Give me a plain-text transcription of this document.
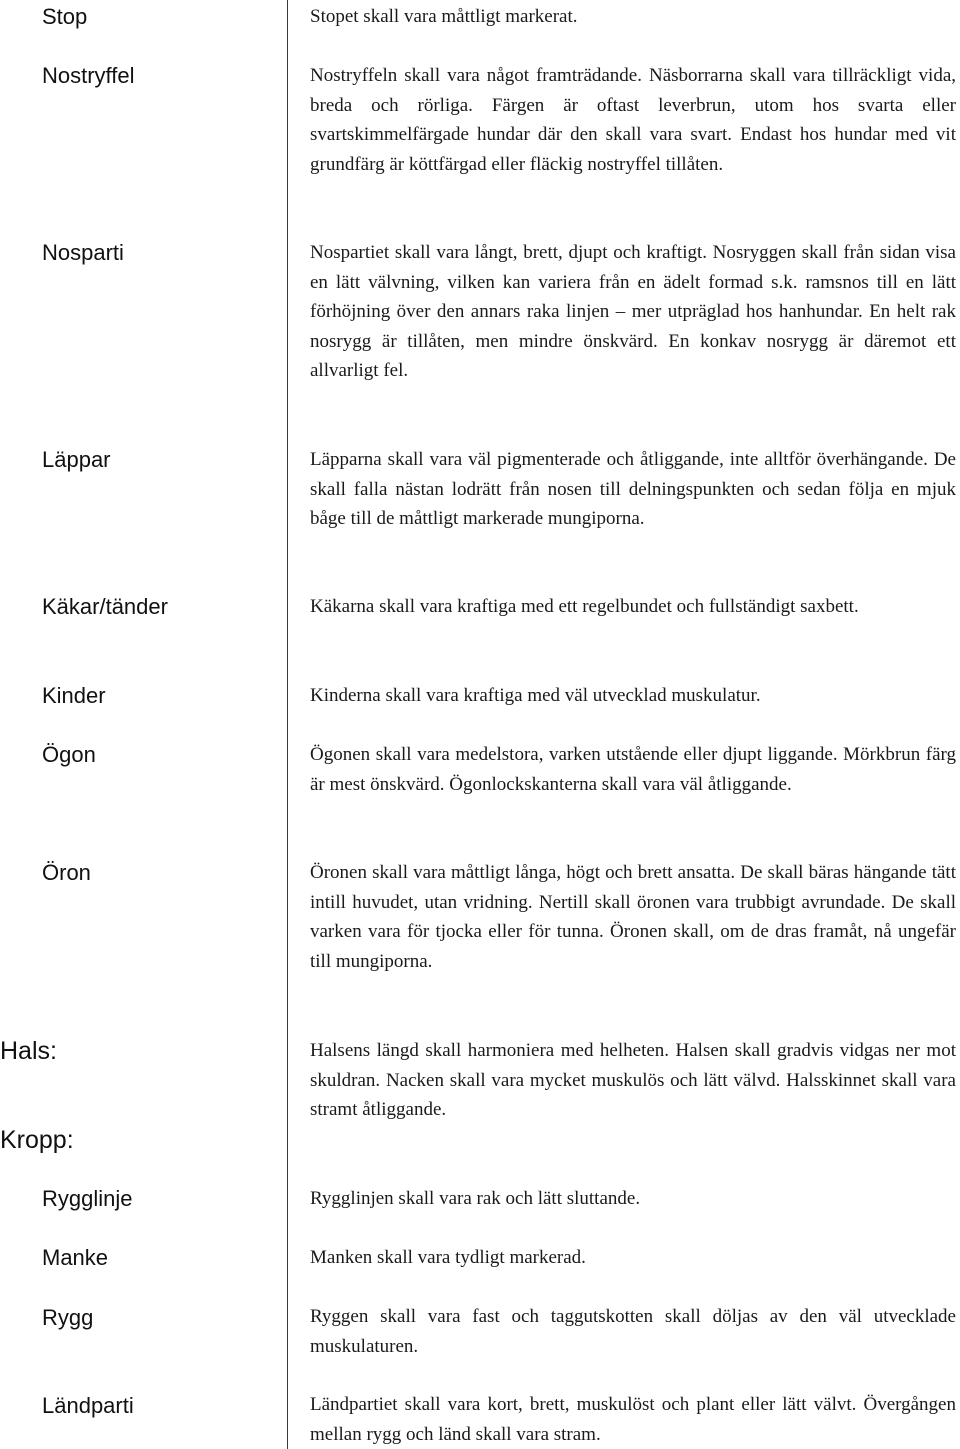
Stop
Nostryffel
Nosparti
Läppar
Käkar/tänder
Kinder
Ögon
Öron
Hals:
Kropp:
Rygglinje
Manke
Rygg
Ländparti

Stopet skall vara måttligt markerat.

Nostryffeln skall vara något framträdande. Näsborrarna skall vara tillräckligt vida, breda och rörliga. Färgen är oftast leverbrun, utom hos svarta eller svartskimmelfärgade hundar där den skall vara svart. Endast hos hundar med vit grundfärg är köttfärgad eller fläckig nostryffel tillåten.

Nospartiet skall vara långt, brett, djupt och kraftigt. Nosryggen skall från sidan visa en lätt välvning, vilken kan variera från en ädelt formad s.k. ramsnos till en lätt förhöjning över den annars raka linjen – mer utpräglad hos hanhundar. En helt rak nosrygg är tillåten, men mindre önskvärd. En konkav nosrygg är däremot ett allvarligt fel.

Läpparna skall vara väl pigmenterade och åtliggande, inte alltför överhängande. De skall falla nästan lodrätt från nosen till delningspunkten och sedan följa en mjuk båge till de måttligt markerade mungiporna.

Käkarna skall vara kraftiga med ett regelbundet och fullständigt saxbett.

Kinderna skall vara kraftiga med väl utvecklad muskulatur.

Ögonen skall vara medelstora, varken utstående eller djupt liggande. Mörkbrun färg är mest önskvärd. Ögonlockskanterna skall vara väl åtliggande.

Öronen skall vara måttligt långa, högt och brett ansatta. De skall bäras hängande tätt intill huvudet, utan vridning. Nertill skall öronen vara trubbigt avrundade. De skall varken vara för tjocka eller för tunna. Öronen skall, om de dras framåt, nå ungefär till mungiporna.

Halsens längd skall harmoniera med helheten. Halsen skall gradvis vidgas ner mot skuldran. Nacken skall vara mycket muskulös och lätt välvd. Halsskinnet skall vara stramt åtliggande.

Rygglinjen skall vara rak och lätt sluttande.

Manken skall vara tydligt markerad.

Ryggen skall vara fast och taggutskotten skall döljas av den väl utvecklade muskulaturen.

Ländpartiet skall vara kort, brett, muskulöst och plant eller lätt välvt. Övergången mellan rygg och länd skall vara stram.
